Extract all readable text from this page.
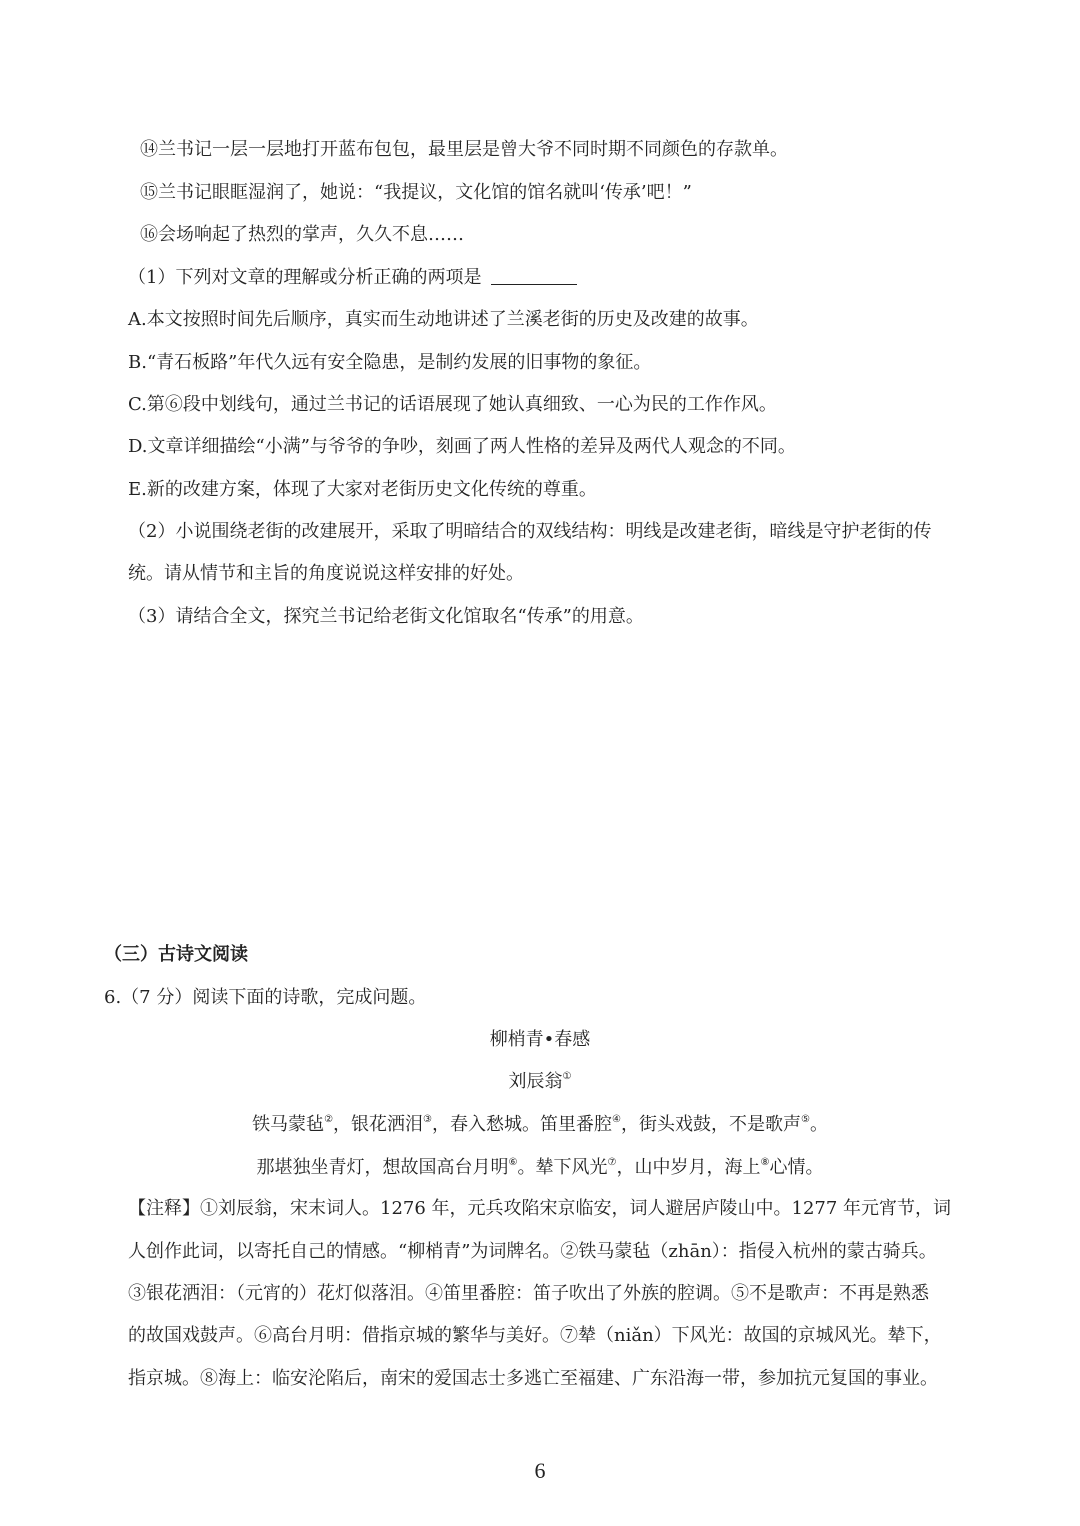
⑭兰书记一层一层地打开蓝布包包，最里层是曾大爷不同时期不同颜色的存款单。
⑮兰书记眼眶湿润了，她说：“我提议，文化馆的馆名就叫‘传承’吧！”
⑯会场响起了热烈的掌声，久久不息……
（1）下列对文章的理解或分析正确的两项是
A.本文按照时间先后顺序，真实而生动地讲述了兰溪老街的历史及改建的故事。
B.“青石板路”年代久远有安全隐患，是制约发展的旧事物的象征。
C.第⑥段中划线句，通过兰书记的话语展现了她认真细致、一心为民的工作作风。
D.文章详细描绘“小满”与爷爷的争吵，刻画了两人性格的差异及两代人观念的不同。
E.新的改建方案，体现了大家对老街历史文化传统的尊重。
（2）小说围绕老街的改建展开，采取了明暗结合的双线结构：明线是改建老街，暗线是守护老街的传
统。请从情节和主旨的角度说说这样安排的好处。
（3）请结合全文，探究兰书记给老街文化馆取名“传承”的用意。
（三）古诗文阅读
6.（7 分）阅读下面的诗歌，完成问题。
柳梢青•春感
刘辰翁①
铁马蒙毡②，银花洒泪③，春入愁城。笛里番腔④，街头戏鼓，不是歌声⑤。
那堪独坐青灯，想故国高台月明⑥。辇下风光⑦，山中岁月，海上⑧心情。
【注释】①刘辰翁，宋末词人。1276 年，元兵攻陷宋京临安，词人避居庐陵山中。1277 年元宵节，词
人创作此词，以寄托自己的情感。“柳梢青”为词牌名。②铁马蒙毡（zhān）：指侵入杭州的蒙古骑兵。
③银花洒泪：（元宵的）花灯似落泪。④笛里番腔：笛子吹出了外族的腔调。⑤不是歌声：不再是熟悉
的故国戏鼓声。⑥高台月明：借指京城的繁华与美好。⑦辇（niǎn）下风光：故国的京城风光。辇下，
指京城。⑧海上：临安沦陷后，南宋的爱国志士多逃亡至福建、广东沿海一带，参加抗元复国的事业。
6
